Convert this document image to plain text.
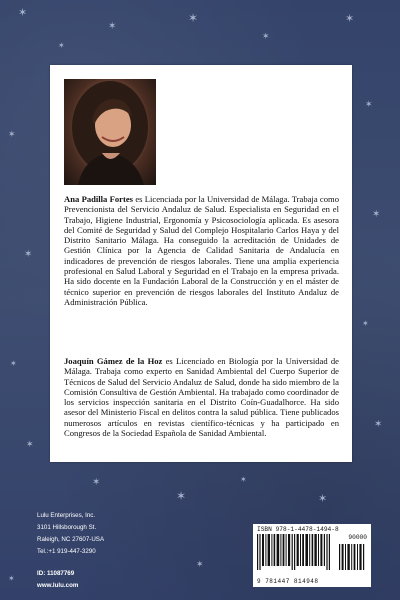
✶
✶
✶
✶
✶
✶
✶
✶
✶
✶
✶
✶
✶
✶
✶
✶
✶
✶
✶
✶

Ana Padilla Fortes es Licenciada por la Universidad de Málaga. Trabaja como Prevencionista del Servicio Andaluz de Salud. Especialista en Seguridad en el Trabajo, Higiene Industrial, Ergonomía y Psicosociología aplicada. Es asesora del Comité de Seguridad y Salud del Complejo Hospitalario Carlos Haya y del Distrito Sanitario Málaga. Ha conseguido la acreditación de Unidades de Gestión Clínica por la Agencia de Calidad Sanitaria de Andalucía en indicadores de prevención de riesgos laborales. Tiene una amplia experiencia profesional en Salud Laboral y Seguridad en el Trabajo en la empresa privada. Ha sido docente en la Fundación Laboral de la Construcción y en el máster de técnico superior en prevención de riesgos laborales del Instituto Andaluz de Administración Pública.

Joaquín Gámez de la Hoz es Licenciado en Biología por la Universidad de Málaga. Trabaja como experto en Sanidad Ambiental del Cuerpo Superior de Técnicos de Salud del Servicio Andaluz de Salud, donde ha sido miembro de la Comisión Consultiva de Gestión Ambiental. Ha trabajado como coordinador de los servicios inspección sanitaria en el Distrito Coín-Guadalhorce. Ha sido asesor del Ministerio Fiscal en delitos contra la salud pública. Tiene publicados numerosos artículos en revistas científico-técnicas y ha participado en Congresos de la Sociedad Española de Sanidad Ambiental.

Lulu Enterprises, Inc.
3101 Hillsborough St.
Raleigh, NC 27607-USA
Tel.:+1 919-447-3290
ID: 11087769
www.lulu.com
ISBN 978-1-4478-1494-8
90000
9 781447 814948
